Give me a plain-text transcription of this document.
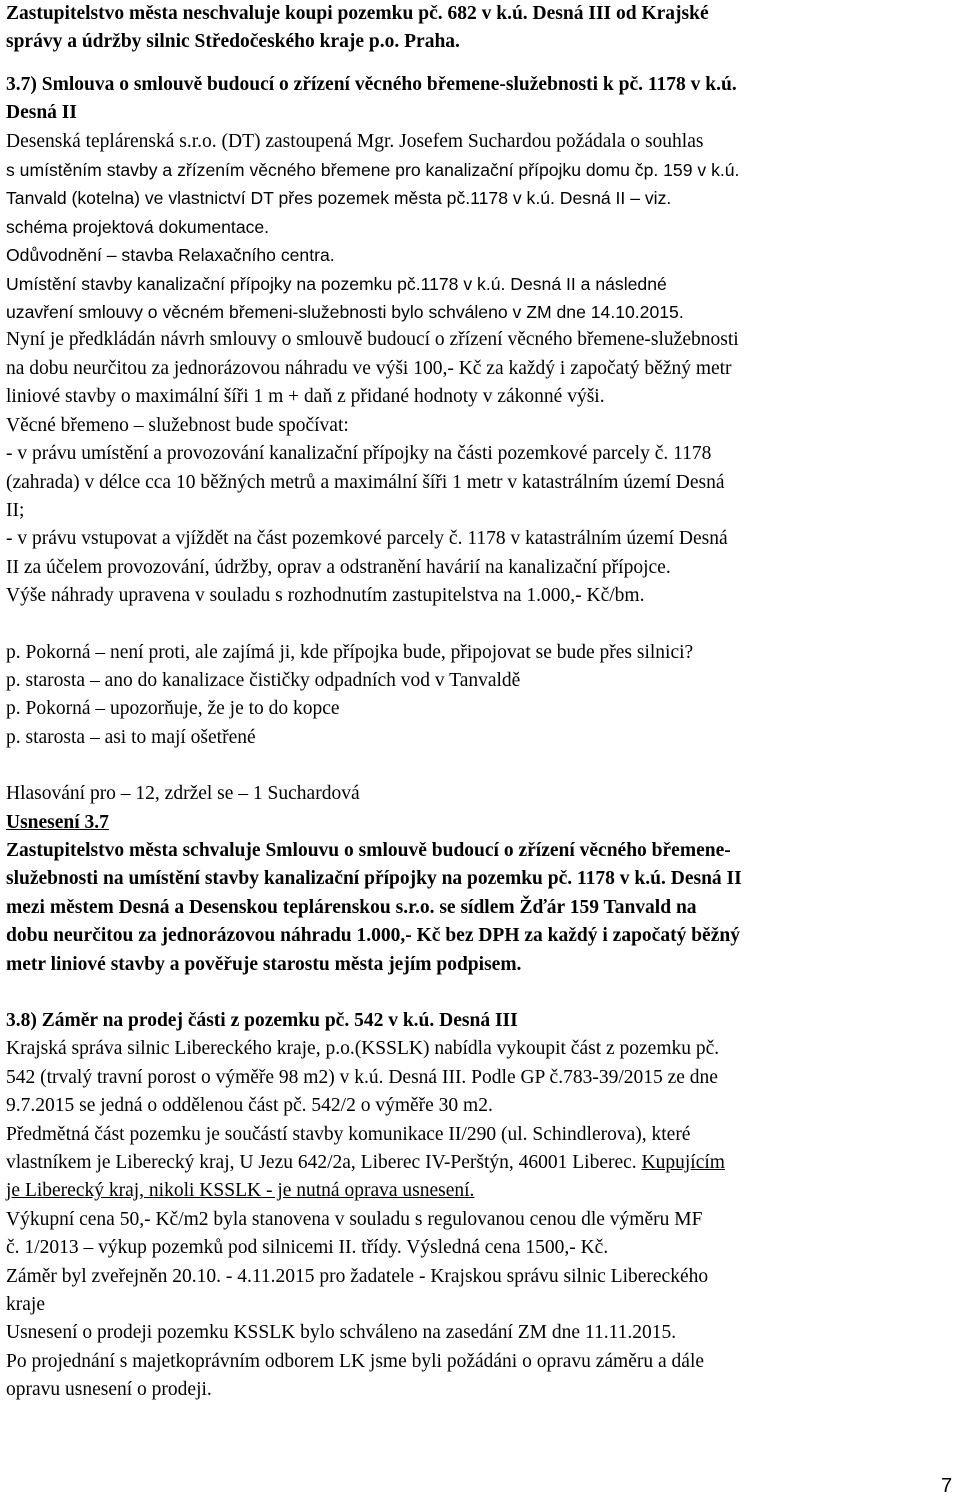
Zastupitelstvo města neschvaluje koupi pozemku pč. 682 v k.ú. Desná III od Krajské
správy a údržby silnic Středočeského kraje p.o. Praha.
3.7) Smlouva o smlouvě budoucí o zřízení věcného břemene-služebnosti k pč. 1178 v k.ú.
Desná II
Desenská teplárenská s.r.o. (DT) zastoupená Mgr. Josefem Suchardou požádala o souhlas
s umístěním stavby a zřízením věcného břemene pro kanalizační přípojku domu čp. 159 v k.ú.
Tanvald (kotelna) ve vlastnictví DT přes pozemek města pč.1178 v k.ú. Desná II – viz.
schéma projektová dokumentace.
Odůvodnění – stavba Relaxačního centra.
Umístění stavby kanalizační přípojky na pozemku pč.1178 v k.ú. Desná II a následné
uzavření smlouvy o věcném břemeni-služebnosti bylo schváleno v ZM dne 14.10.2015.
Nyní je předkládán návrh smlouvy o smlouvě budoucí o zřízení věcného břemene-služebnosti
na dobu neurčitou za jednorázovou náhradu ve výši 100,- Kč za každý i započatý běžný metr
liniové stavby o maximální šíři 1 m + daň z přidané hodnoty v zákonné výši.
Věcné břemeno – služebnost bude spočívat:
- v právu umístění a provozování kanalizační přípojky na části pozemkové parcely č. 1178
(zahrada) v délce cca 10 běžných metrů a maximální šíři 1 metr v katastrálním území Desná
II;
- v právu vstupovat a vjíždět na část pozemkové parcely č. 1178 v katastrálním území Desná
II za účelem provozování, údržby, oprav a odstranění havárií na kanalizační přípojce.
Výše náhrady upravena v souladu s rozhodnutím zastupitelstva na 1.000,- Kč/bm.
p. Pokorná – není proti, ale zajímá ji, kde přípojka bude, připojovat se bude přes silnici?
p. starosta – ano do kanalizace čističky odpadních vod v Tanvaldě
p. Pokorná – upozorňuje, že je to do kopce
p. starosta – asi to mají ošetřené
Hlasování pro – 12, zdržel se – 1 Suchardová
Usnesení 3.7
Zastupitelstvo města schvaluje Smlouvu o smlouvě budoucí o zřízení věcného břemene-
služebnosti na umístění stavby kanalizační přípojky na pozemku pč. 1178 v k.ú. Desná II
mezi městem Desná a Desenskou teplárenskou s.r.o. se sídlem Žďár 159 Tanvald na
dobu neurčitou za jednorázovou náhradu 1.000,- Kč bez DPH za každý i započatý běžný
metr liniové stavby a pověřuje starostu města jejím podpisem.
3.8) Záměr na prodej části z pozemku pč. 542 v k.ú. Desná III
Krajská správa silnic Libereckého kraje, p.o.(KSSLK) nabídla vykoupit část z pozemku pč.
542 (trvalý travní porost o výměře 98 m2) v k.ú. Desná III. Podle GP č.783-39/2015 ze dne
9.7.2015 se jedná o oddělenou část pč. 542/2 o výměře 30 m2.
Předmětná část pozemku je součástí stavby komunikace II/290 (ul. Schindlerova), které
vlastníkem je Liberecký kraj, U Jezu 642/2a, Liberec IV-Perštýn, 46001 Liberec. Kupujícím
je Liberecký kraj, nikoli KSSLK - je nutná oprava usnesení.
Výkupní cena 50,- Kč/m2 byla stanovena v souladu s regulovanou cenou dle výměru MF
č. 1/2013 – výkup pozemků pod silnicemi II. třídy. Výsledná cena 1500,- Kč.
Záměr byl zveřejněn 20.10. - 4.11.2015 pro žadatele - Krajskou správu silnic Libereckého
kraje
Usnesení o prodeji pozemku KSSLK bylo schváleno na zasedání ZM dne 11.11.2015.
Po projednání s majetkoprávním odborem LK jsme byli požádáni o opravu záměru a dále
opravu usnesení o prodeji.
7
